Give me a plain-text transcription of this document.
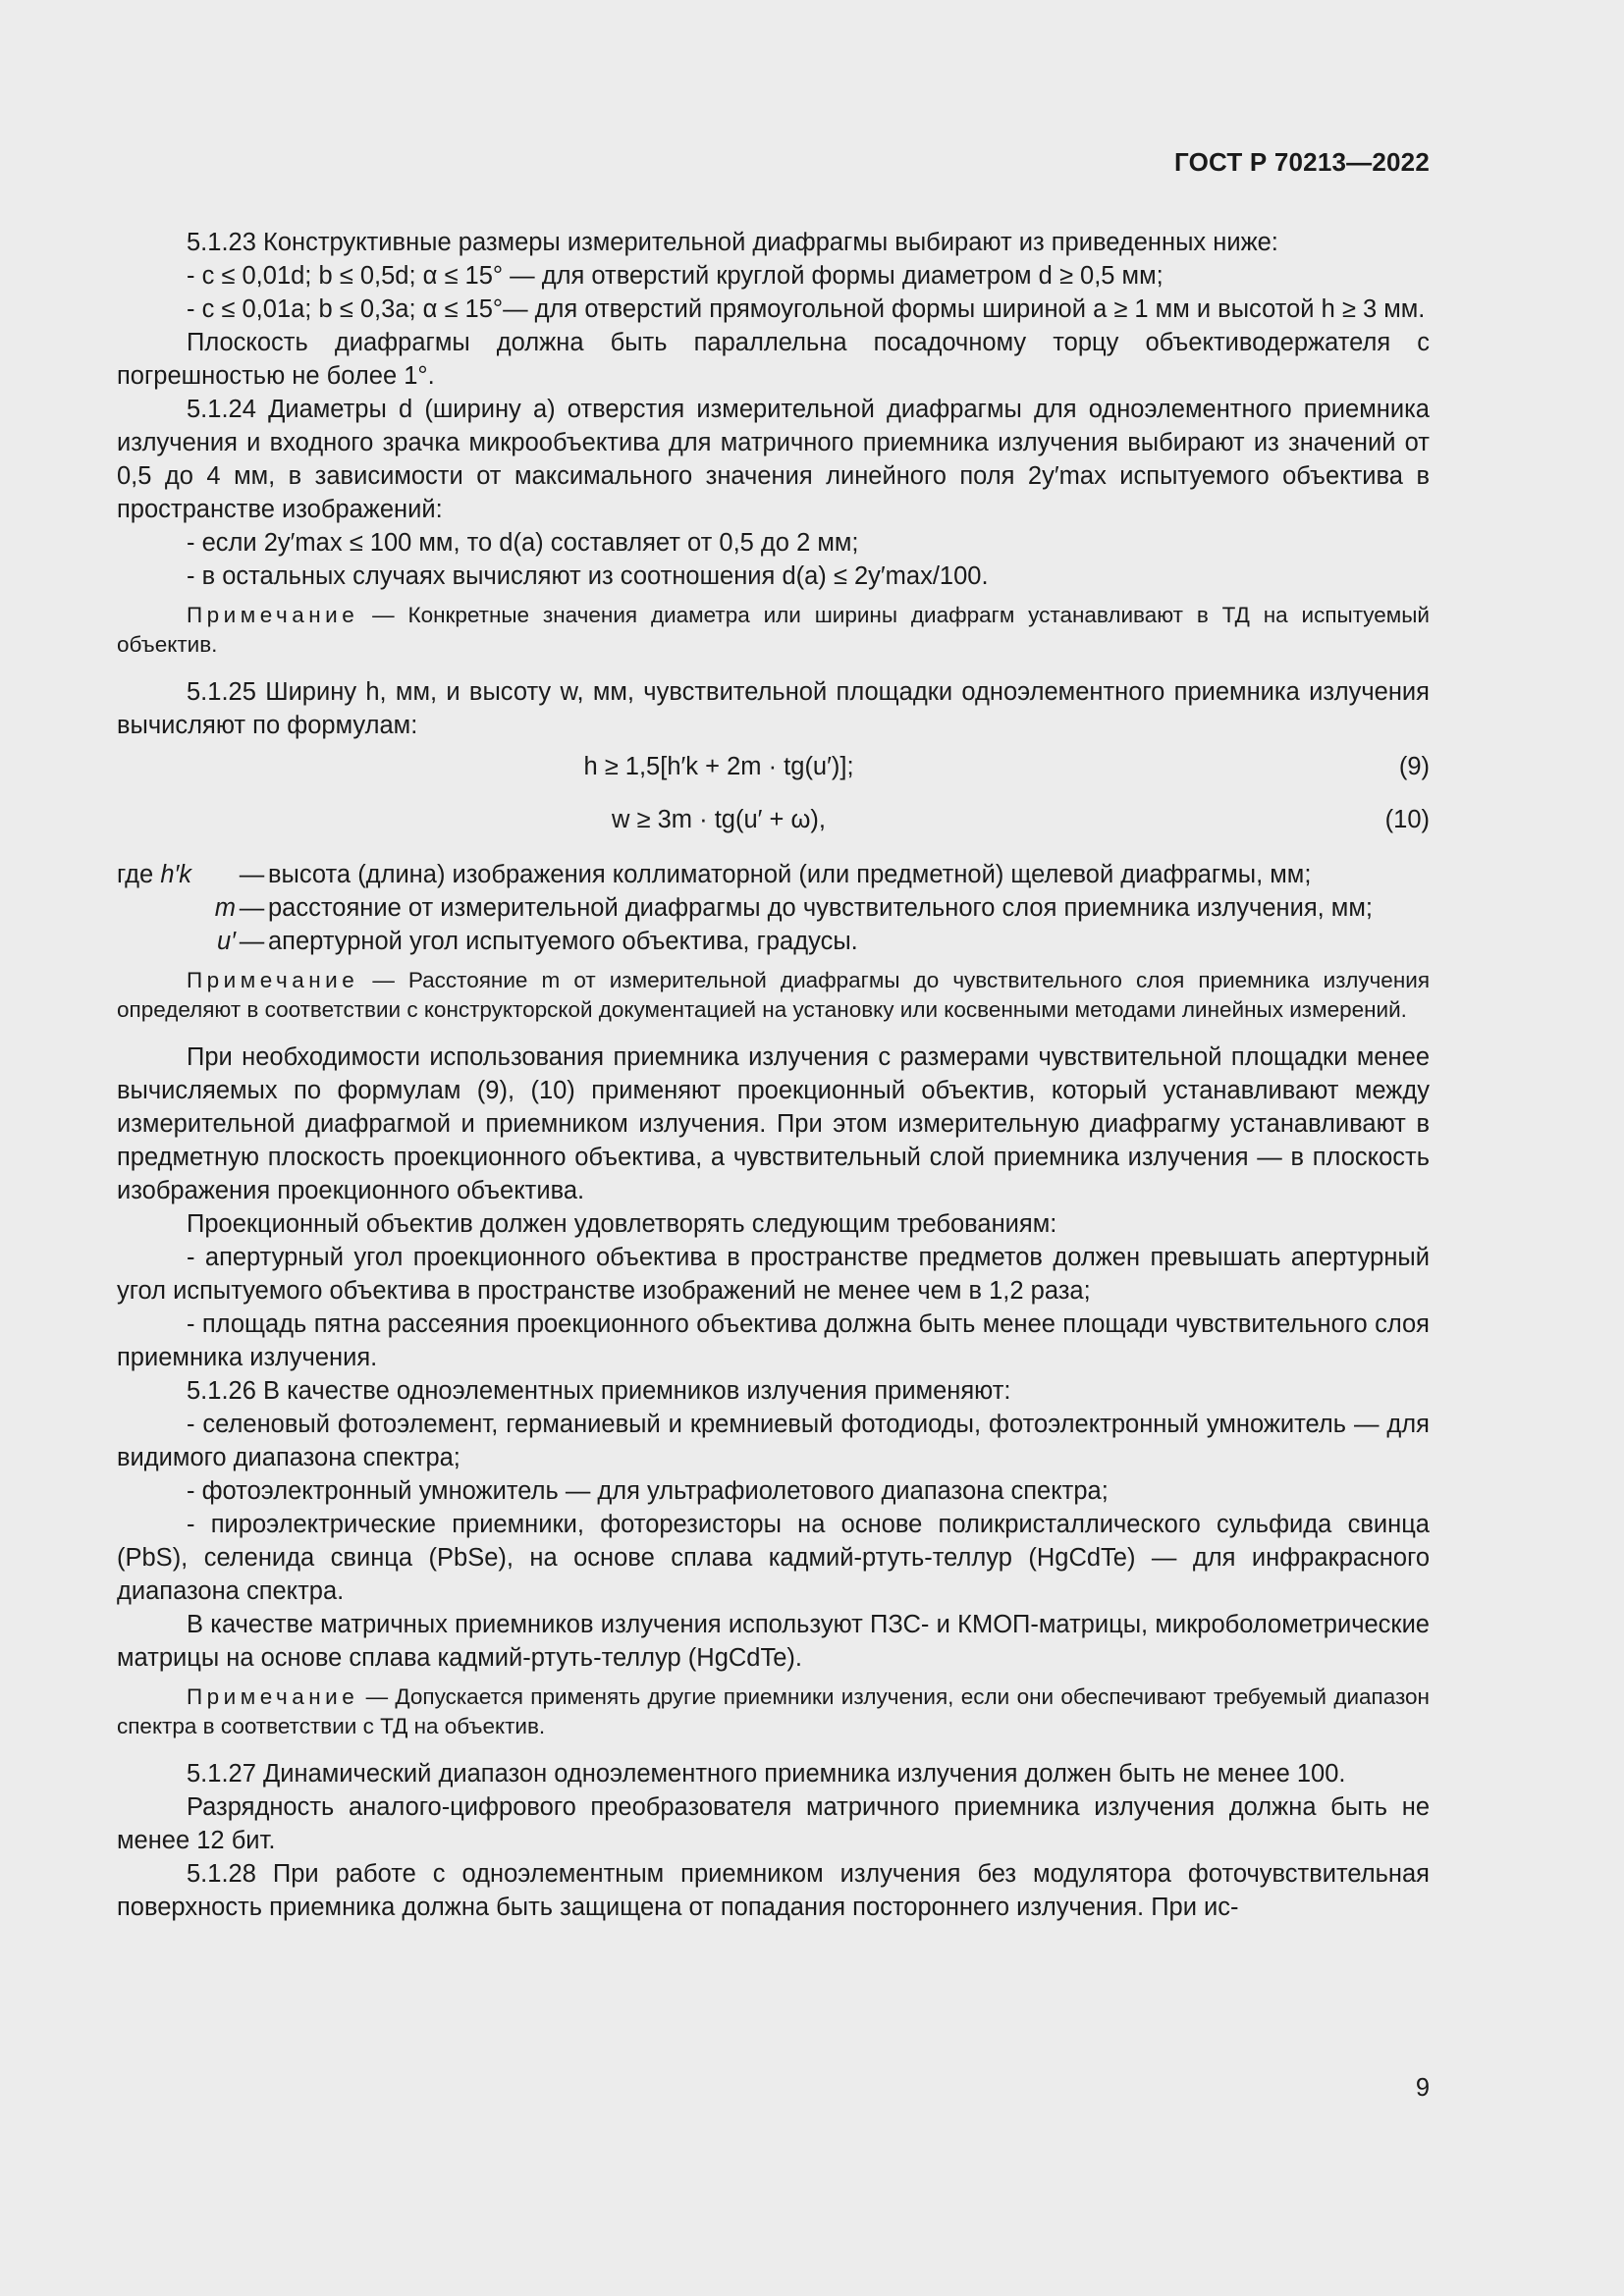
ГОСТ Р 70213—2022

5.1.23 Конструктивные размеры измерительной диафрагмы выбирают из приведенных ниже:

- c ≤ 0,01d; b ≤ 0,5d; α ≤ 15° — для отверстий круглой формы диаметром d ≥ 0,5 мм;

- c ≤ 0,01a; b ≤ 0,3a; α ≤ 15°— для отверстий прямоугольной формы шириной a ≥ 1 мм и высотой h ≥ 3 мм.

Плоскость диафрагмы должна быть параллельна посадочному торцу объективодержателя с погрешностью не более 1°.

5.1.24 Диаметры d (ширину a) отверстия измерительной диафрагмы для одноэлементного приемника излучения и входного зрачка микрообъектива для матричного приемника излучения выбирают из значений от 0,5 до 4 мм, в зависимости от максимального значения линейного поля 2y′max испытуемого объектива в пространстве изображений:

- если 2y′max ≤ 100 мм, то d(a) составляет от 0,5 до 2 мм;

- в остальных случаях вычисляют из соотношения d(a) ≤ 2y′max/100.

Примечание — Конкретные значения диаметра или ширины диафрагм устанавливают в ТД на испытуемый объектив.

5.1.25 Ширину h, мм, и высоту w, мм, чувствительной площадки одноэлементного приемника излучения вычисляют по формулам:

h ≥ 1,5[h′k + 2m · tg(u′)];	(9)
w ≥ 3m · tg(u′ + ω),	(10)
где h′k	— высота (длина) изображения коллиматорной (или предметной) щелевой диафрагмы, мм;
m — расстояние от измерительной диафрагмы до чувствительного слоя приемника излучения, мм;
u′ — апертурной угол испытуемого объектива, градусы.

Примечание — Расстояние m от измерительной диафрагмы до чувствительного слоя приемника излучения определяют в соответствии с конструкторской документацией на установку или косвенными методами линейных измерений.

При необходимости использования приемника излучения с размерами чувствительной площадки менее вычисляемых по формулам (9), (10) применяют проекционный объектив, который устанавливают между измерительной диафрагмой и приемником излучения. При этом измерительную диафрагму устанавливают в предметную плоскость проекционного объектива, а чувствительный слой приемника излучения — в плоскость изображения проекционного объектива.

Проекционный объектив должен удовлетворять следующим требованиям:

- апертурный угол проекционного объектива в пространстве предметов должен превышать апертурный угол испытуемого объектива в пространстве изображений не менее чем в 1,2 раза;

- площадь пятна рассеяния проекционного объектива должна быть менее площади чувствительного слоя приемника излучения.

5.1.26 В качестве одноэлементных приемников излучения применяют:

- селеновый фотоэлемент, германиевый и кремниевый фотодиоды, фотоэлектронный умножитель — для видимого диапазона спектра;

- фотоэлектронный умножитель — для ультрафиолетового диапазона спектра;

- пироэлектрические приемники, фоторезисторы на основе поликристаллического сульфида свинца (PbS), селенида свинца (PbSe), на основе сплава кадмий-ртуть-теллур (HgCdTe) — для инфракрасного диапазона спектра.

В качестве матричных приемников излучения используют ПЗС- и КМОП-матрицы, микроболометрические матрицы на основе сплава кадмий-ртуть-теллур (HgCdTe).

Примечание — Допускается применять другие приемники излучения, если они обеспечивают требуемый диапазон спектра в соответствии с ТД на объектив.

5.1.27 Динамический диапазон одноэлементного приемника излучения должен быть не менее 100.

Разрядность аналого-цифрового преобразователя матричного приемника излучения должна быть не менее 12 бит.

5.1.28 При работе с одноэлементным приемником излучения без модулятора фоточувствительная поверхность приемника должна быть защищена от попадания постороннего излучения. При ис-

9
